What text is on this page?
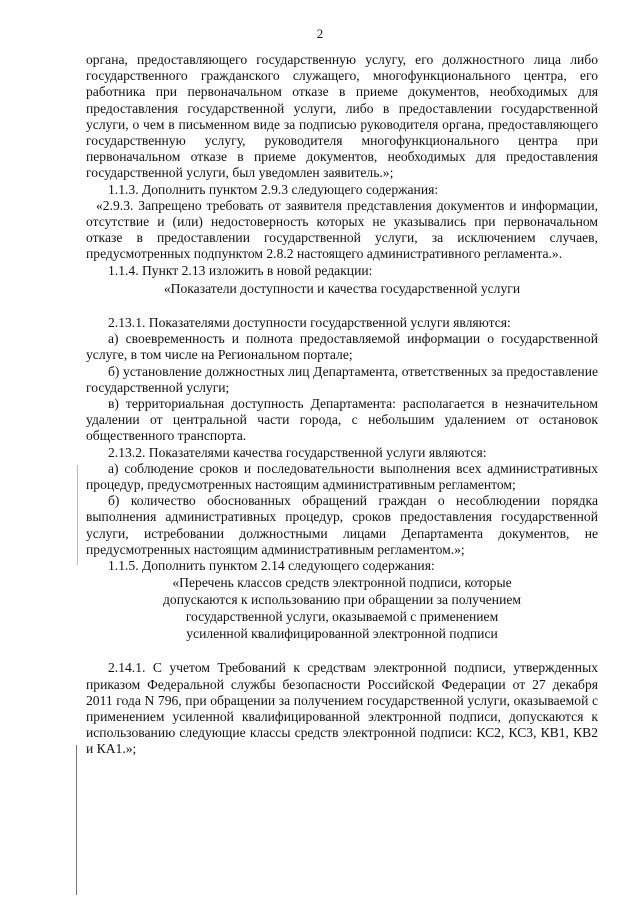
2

органа, предоставляющего государственную услугу, его должностного лица либо государственного гражданского служащего, многофункционального центра, его работника при первоначальном отказе в приеме документов, необходимых для предоставления государственной услуги, либо в предоставлении государственной услуги, о чем в письменном виде за подписью руководителя органа, предоставляющего государственную услугу, руководителя многофункционального центра при первоначальном отказе в приеме документов, необходимых для предоставления государственной услуги, был уведомлен заявитель.»;

1.1.3. Дополнить пунктом 2.9.3 следующего содержания:

«2.9.3. Запрещено требовать от заявителя представления документов и информации, отсутствие и (или) недостоверность которых не указывались при первоначальном отказе в предоставлении государственной услуги, за исключением случаев, предусмотренных подпунктом 2.8.2 настоящего административного регламента.».

1.1.4. Пункт 2.13 изложить в новой редакции:

«Показатели доступности и качества государственной услуги

2.13.1. Показателями доступности государственной услуги являются:

а) своевременность и полнота предоставляемой информации о государственной услуге, в том числе на Региональном портале;

б) установление должностных лиц Департамента, ответственных за предоставление государственной услуги;

в) территориальная доступность Департамента: располагается в незначительном удалении от центральной части города, с небольшим удалением от остановок общественного транспорта.

2.13.2. Показателями качества государственной услуги являются:

а) соблюдение сроков и последовательности выполнения всех административных процедур, предусмотренных настоящим административным регламентом;

б) количество обоснованных обращений граждан о несоблюдении порядка выполнения административных процедур, сроков предоставления государственной услуги, истребовании должностными лицами Департамента документов, не предусмотренных настоящим административным регламентом.»;

1.1.5. Дополнить пунктом 2.14 следующего содержания:

«Перечень классов средств электронной подписи, которые

допускаются к использованию при обращении за получением

государственной услуги, оказываемой с применением

усиленной квалифицированной электронной подписи

2.14.1. С учетом Требований к средствам электронной подписи, утвержденных приказом Федеральной службы безопасности Российской Федерации от 27 декабря 2011 года N 796, при обращении за получением государственной услуги, оказываемой с применением усиленной квалифицированной электронной подписи, допускаются к использованию следующие классы средств электронной подписи: КС2, КС3, КВ1, КВ2 и КА1.»;
